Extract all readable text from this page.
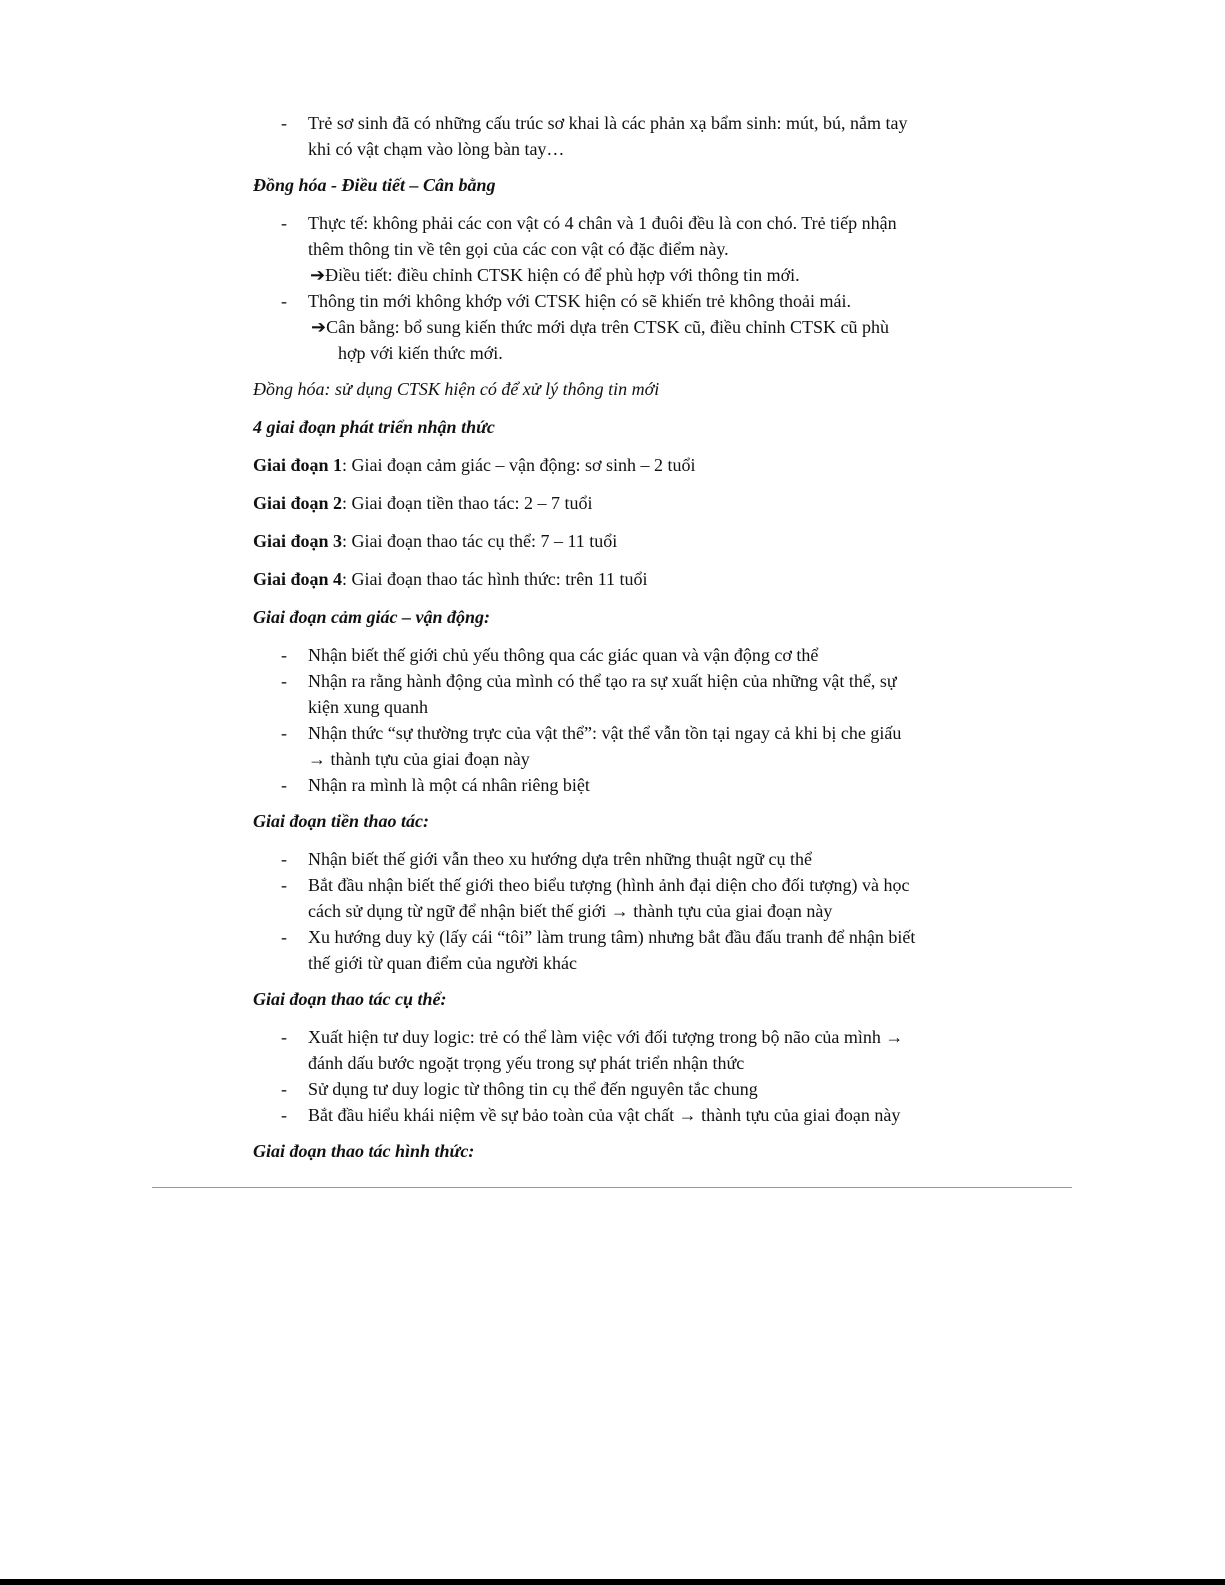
- Trẻ sơ sinh đã có những cấu trúc sơ khai là các phản xạ bẩm sinh: mút, bú, nắm tay
khi có vật chạm vào lòng bàn tay…
Đồng hóa - Điều tiết – Cân bằng
- Thực tế: không phải các con vật có 4 chân và 1 đuôi đều là con chó. Trẻ tiếp nhận
thêm thông tin về tên gọi của các con vật có đặc điểm này.
➔Điều tiết: điều chỉnh CTSK hiện có để phù hợp với thông tin mới.
- Thông tin mới không khớp với CTSK hiện có sẽ khiến trẻ không thoải mái.
➔Cân bằng: bổ sung kiến thức mới dựa trên CTSK cũ, điều chỉnh CTSK cũ phù
hợp với kiến thức mới.
Đồng hóa: sử dụng CTSK hiện có để xử lý thông tin mới
4 giai đoạn phát triển nhận thức
Giai đoạn 1: Giai đoạn cảm giác – vận động: sơ sinh – 2 tuổi
Giai đoạn 2: Giai đoạn tiền thao tác: 2 – 7 tuổi
Giai đoạn 3: Giai đoạn thao tác cụ thể: 7 – 11 tuổi
Giai đoạn 4: Giai đoạn thao tác hình thức: trên 11 tuổi
Giai đoạn cảm giác – vận động:
- Nhận biết thế giới chủ yếu thông qua các giác quan và vận động cơ thể
- Nhận ra rằng hành động của mình có thể tạo ra sự xuất hiện của những vật thể, sự
kiện xung quanh
- Nhận thức “sự thường trực của vật thể”: vật thể vẫn tồn tại ngay cả khi bị che giấu
→ thành tựu của giai đoạn này
- Nhận ra mình là một cá nhân riêng biệt
Giai đoạn tiền thao tác:
- Nhận biết thế giới vẫn theo xu hướng dựa trên những thuật ngữ cụ thể
- Bắt đầu nhận biết thế giới theo biểu tượng (hình ảnh đại diện cho đối tượng) và học
cách sử dụng từ ngữ để nhận biết thế giới → thành tựu của giai đoạn này
- Xu hướng duy kỷ (lấy cái “tôi” làm trung tâm) nhưng bắt đầu đấu tranh để nhận biết
thế giới từ quan điểm của người khác
Giai đoạn thao tác cụ thể:
- Xuất hiện tư duy logic: trẻ có thể làm việc với đối tượng trong bộ não của mình →
đánh dấu bước ngoặt trọng yếu trong sự phát triển nhận thức
- Sử dụng tư duy logic từ thông tin cụ thể đến nguyên tắc chung
- Bắt đầu hiểu khái niệm về sự bảo toàn của vật chất → thành tựu của giai đoạn này
Giai đoạn thao tác hình thức:
